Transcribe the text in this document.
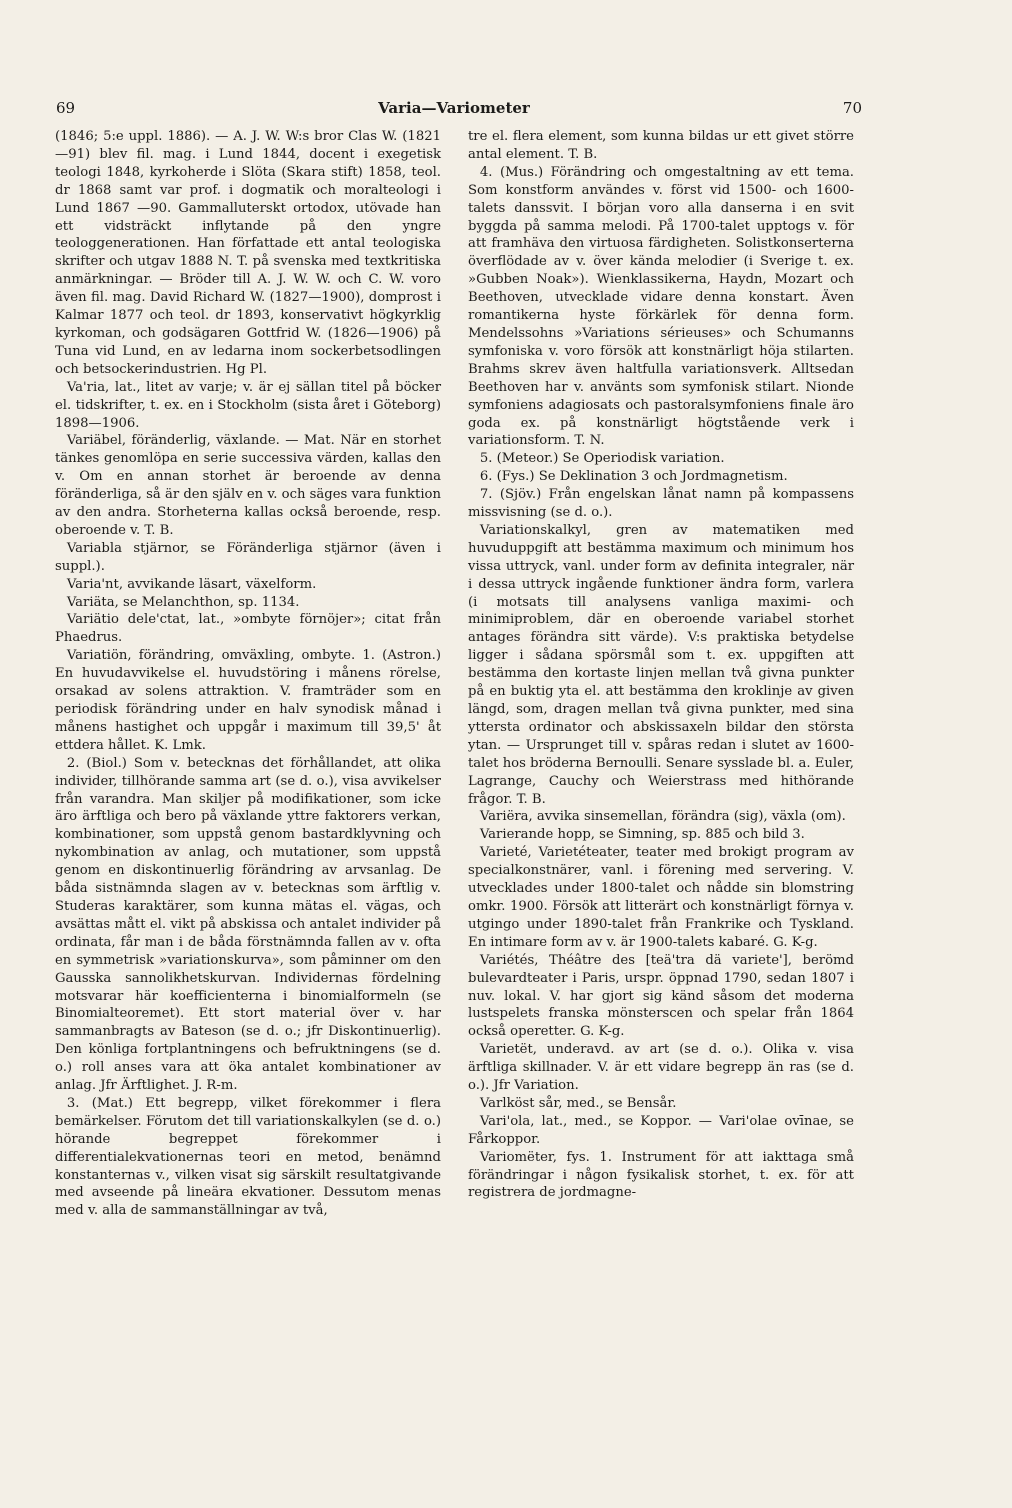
69	Varia—Variometer	70

(1846; 5:e uppl. 1886). — A. J. W. W:s bror Clas W. (1821—91) blev fil. mag. i Lund 1844, docent i exegetisk teologi 1848, kyrkoherde i Slöta (Skara stift) 1858, teol. dr 1868 samt var prof. i dogmatik och moralteologi i Lund 1867 —90. Gammalluterskt ortodox, utövade han ett vidsträckt inflytande på den yngre teologgenerationen. Han författade ett antal teologiska skrifter och utgav 1888 N. T. på svenska med textkritiska anmärkningar. — Bröder till A. J. W. W. och C. W. voro även fil. mag. David Richard W. (1827—1900), domprost i Kalmar 1877 och teol. dr 1893, konservativt högkyrklig kyrkoman, och godsägaren Gottfrid W. (1826—1906) på Tuna vid Lund, en av ledarna inom sockerbetsodlingen och betsockerindustrien. Hg Pl.

Va'ria, lat., litet av varje; v. är ej sällan titel på böcker el. tidskrifter, t. ex. en i Stockholm (sista året i Göteborg) 1898—1906.

Variäbel, föränderlig, växlande. — Mat. När en storhet tänkes genomlöpa en serie successiva värden, kallas den v. Om en annan storhet är beroende av denna föränderliga, så är den själv en v. och säges vara funktion av den andra. Storheterna kallas också beroende, resp. oberoende v. T. B.

Variabla stjärnor, se Föränderliga stjärnor (även i suppl.).

Varia'nt, avvikande läsart, växelform.

Variäta, se Melanchthon, sp. 1134.

Variätio dele'ctat, lat., »ombyte förnöjer»; citat från Phaedrus.

Variatiön, förändring, omväxling, ombyte. 1. (Astron.) En huvudavvikelse el. huvudstöring i månens rörelse, orsakad av solens attraktion. V. framträder som en periodisk förändring under en halv synodisk månad i månens hastighet och uppgår i maximum till 39,5' åt ettdera hållet. K. Lmk.

2. (Biol.) Som v. betecknas det förhållandet, att olika individer, tillhörande samma art (se d. o.), visa avvikelser från varandra. Man skiljer på modifikationer, som icke äro ärftliga och bero på växlande yttre faktorers verkan, kombinationer, som uppstå genom bastardklyvning och nykombination av anlag, och mutationer, som uppstå genom en diskontinuerlig förändring av arvsanlag. De båda sistnämnda slagen av v. betecknas som ärftlig v. Studeras karaktärer, som kunna mätas el. vägas, och avsättas mått el. vikt på abskissa och antalet individer på ordinata, får man i de båda förstnämnda fallen av v. ofta en symmetrisk »variationskurva», som påminner om den Gausska sannolikhetskurvan. Individernas fördelning motsvarar här koefficienterna i binomialformeln (se Binomialteoremet). Ett stort material över v. har sammanbragts av Bateson (se d. o.; jfr Diskontinuerlig). Den könliga fortplantningens och befruktningens (se d. o.) roll anses vara att öka antalet kombinationer av anlag. Jfr Ärftlighet. J. R-m.

3. (Mat.) Ett begrepp, vilket förekommer i flera bemärkelser. Förutom det till variationskalkylen (se d. o.) hörande begreppet förekommer i differentialekvationernas teori en metod, benämnd konstanternas v., vilken visat sig särskilt resultatgivande med avseende på lineära ekvationer. Dessutom menas med v. alla de sammanställningar av två,

tre el. flera element, som kunna bildas ur ett givet större antal element. T. B.

4. (Mus.) Förändring och omgestaltning av ett tema. Som konstform användes v. först vid 1500- och 1600-talets danssvit. I början voro alla danserna i en svit byggda på samma melodi. På 1700-talet upptogs v. för att framhäva den virtuosa färdigheten. Solistkonserterna överflödade av v. över kända melodier (i Sverige t. ex. »Gubben Noak»). Wienklassikerna, Haydn, Mozart och Beethoven, utvecklade vidare denna konstart. Även romantikerna hyste förkärlek för denna form. Mendelssohns »Variations sérieuses» och Schumanns symfoniska v. voro försök att konstnärligt höja stilarten. Brahms skrev även haltfulla variationsverk. Alltsedan Beethoven har v. använts som symfonisk stilart. Nionde symfoniens adagiosats och pastoralsymfoniens finale äro goda ex. på konstnärligt högtstående verk i variationsform. T. N.

5. (Meteor.) Se Operiodisk variation.

6. (Fys.) Se Deklination 3 och Jordmagnetism.

7. (Sjöv.) Från engelskan lånat namn på kompassens missvisning (se d. o.).

Variationskalkyl, gren av matematiken med huvuduppgift att bestämma maximum och minimum hos vissa uttryck, vanl. under form av definita integraler, när i dessa uttryck ingående funktioner ändra form, varlera (i motsats till analysens vanliga maximi- och minimiproblem, där en oberoende variabel storhet antages förändra sitt värde). V:s praktiska betydelse ligger i sådana spörsmål som t. ex. uppgiften att bestämma den kortaste linjen mellan två givna punkter på en buktig yta el. att bestämma den kroklinje av given längd, som, dragen mellan två givna punkter, med sina yttersta ordinator och abskissaxeln bildar den största ytan. — Ursprunget till v. spåras redan i slutet av 1600-talet hos bröderna Bernoulli. Senare sysslade bl. a. Euler, Lagrange, Cauchy och Weierstrass med hithörande frågor. T. B.

Variëra, avvika sinsemellan, förändra (sig), växla (om).

Varierande hopp, se Simning, sp. 885 och bild 3.

Varieté, Varietéteater, teater med brokigt program av specialkonstnärer, vanl. i förening med servering. V. utvecklades under 1800-talet och nådde sin blomstring omkr. 1900. Försök att litterärt och konstnärligt förnya v. utgingo under 1890-talet från Frankrike och Tyskland. En intimare form av v. är 1900-talets kabaré. G. K-g.

Variétés, Théâtre des [teä'tra dä variete'], berömd bulevardteater i Paris, urspr. öppnad 1790, sedan 1807 i nuv. lokal. V. har gjort sig känd såsom det moderna lustspelets franska mönsterscen och spelar från 1864 också operetter. G. K-g.

Varietët, underavd. av art (se d. o.). Olika v. visa ärftliga skillnader. V. är ett vidare begrepp än ras (se d. o.). Jfr Variation.

Varlköst sår, med., se Bensår.

Vari'ola, lat., med., se Koppor. — Vari'olae ovīnae, se Fårkoppor.

Variomëter, fys. 1. Instrument för att iakttaga små förändringar i någon fysikalisk storhet, t. ex. för att registrera de jordmagne-
